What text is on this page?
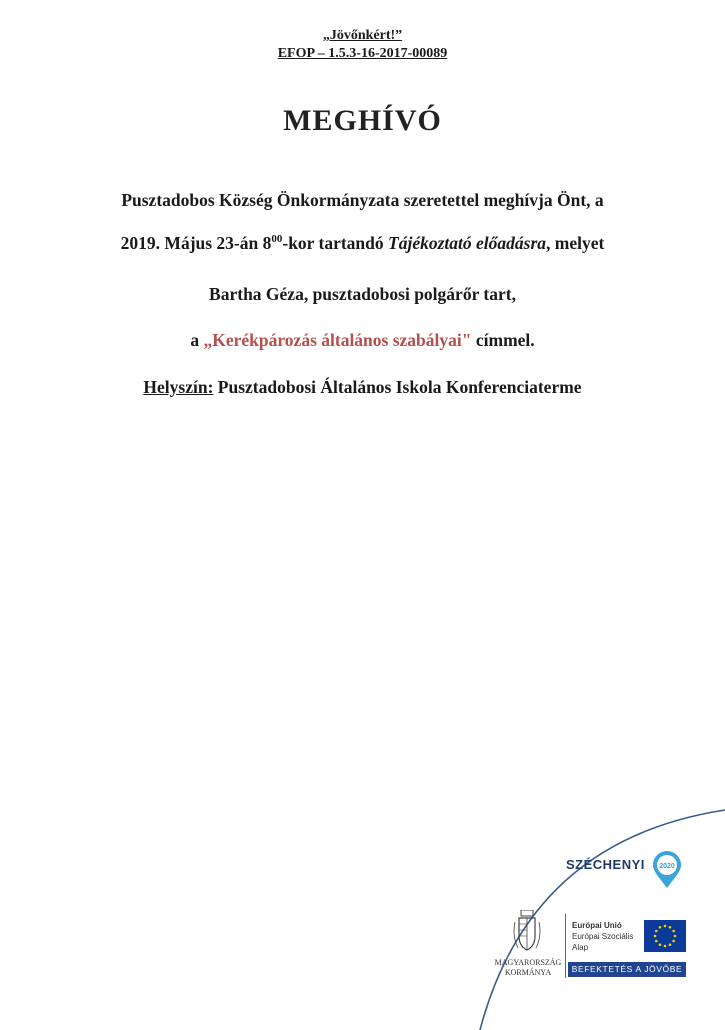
„Jövőnkért!”
EFOP – 1.5.3-16-2017-00089
MEGHÍVÓ
Pusztadobos Község Önkormányzata szeretettel meghívja Önt, a
2019. Május 23-án $8^{00}$-kor tartandó Tájékoztató előadásra, melyet
Bartha Géza, pusztadobosi polgárőr tart,
a „Kerékpározás általános szabályai" címmel.
Helyszín: Pusztadobosi Általános Iskola Konferenciaterme
SZÉCHENYI 2020
MAGYARORSZÁG
KORMÁNYA
Európai Unió
Európai Szociális
Alap
BEFEKTETÉS A JÖVŐBE
